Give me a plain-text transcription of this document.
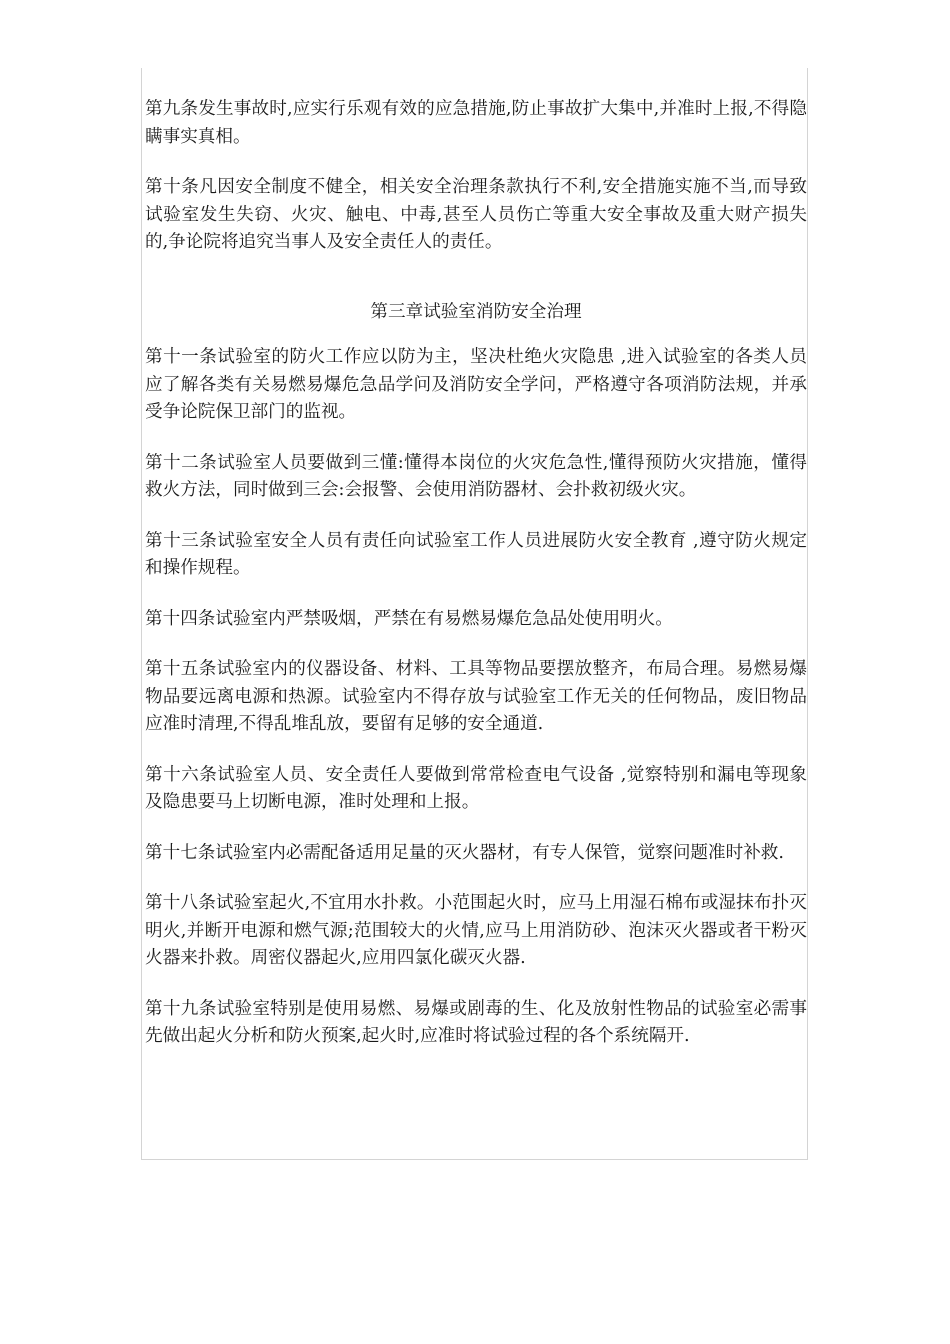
第九条发生事故时,应实行乐观有效的应急措施,防止事故扩大集中,并准时上报,不得隐瞒事实真相。

第十条凡因安全制度不健全，相关安全治理条款执行不利,安全措施实施不当,而导致试验室发生失窃、火灾、触电、中毒,甚至人员伤亡等重大安全事故及重大财产损失的,争论院将追究当事人及安全责任人的责任。

第三章试验室消防安全治理

第十一条试验室的防火工作应以防为主，坚决杜绝火灾隐患 ,进入试验室的各类人员应了解各类有关易燃易爆危急品学问及消防安全学问，严格遵守各项消防法规，并承受争论院保卫部门的监视。

第十二条试验室人员要做到三懂:懂得本岗位的火灾危急性,懂得预防火灾措施，懂得救火方法，同时做到三会:会报警、会使用消防器材、会扑救初级火灾。

第十三条试验室安全人员有责任向试验室工作人员进展防火安全教育 ,遵守防火规定和操作规程。

第十四条试验室内严禁吸烟，严禁在有易燃易爆危急品处使用明火。

第十五条试验室内的仪器设备、材料、工具等物品要摆放整齐，布局合理。易燃易爆物品要远离电源和热源。试验室内不得存放与试验室工作无关的任何物品，废旧物品应准时清理,不得乱堆乱放，要留有足够的安全通道.

第十六条试验室人员、安全责任人要做到常常检查电气设备 ,觉察特别和漏电等现象及隐患要马上切断电源，准时处理和上报。

第十七条试验室内必需配备适用足量的灭火器材，有专人保管，觉察问题准时补救.

第十八条试验室起火,不宜用水扑救。小范围起火时，应马上用湿石棉布或湿抹布扑灭明火,并断开电源和燃气源;范围较大的火情,应马上用消防砂、泡沫灭火器或者干粉灭火器来扑救。周密仪器起火,应用四氯化碳灭火器.

第十九条试验室特别是使用易燃、易爆或剧毒的生、化及放射性物品的试验室必需事先做出起火分析和防火预案,起火时,应准时将试验过程的各个系统隔开.
